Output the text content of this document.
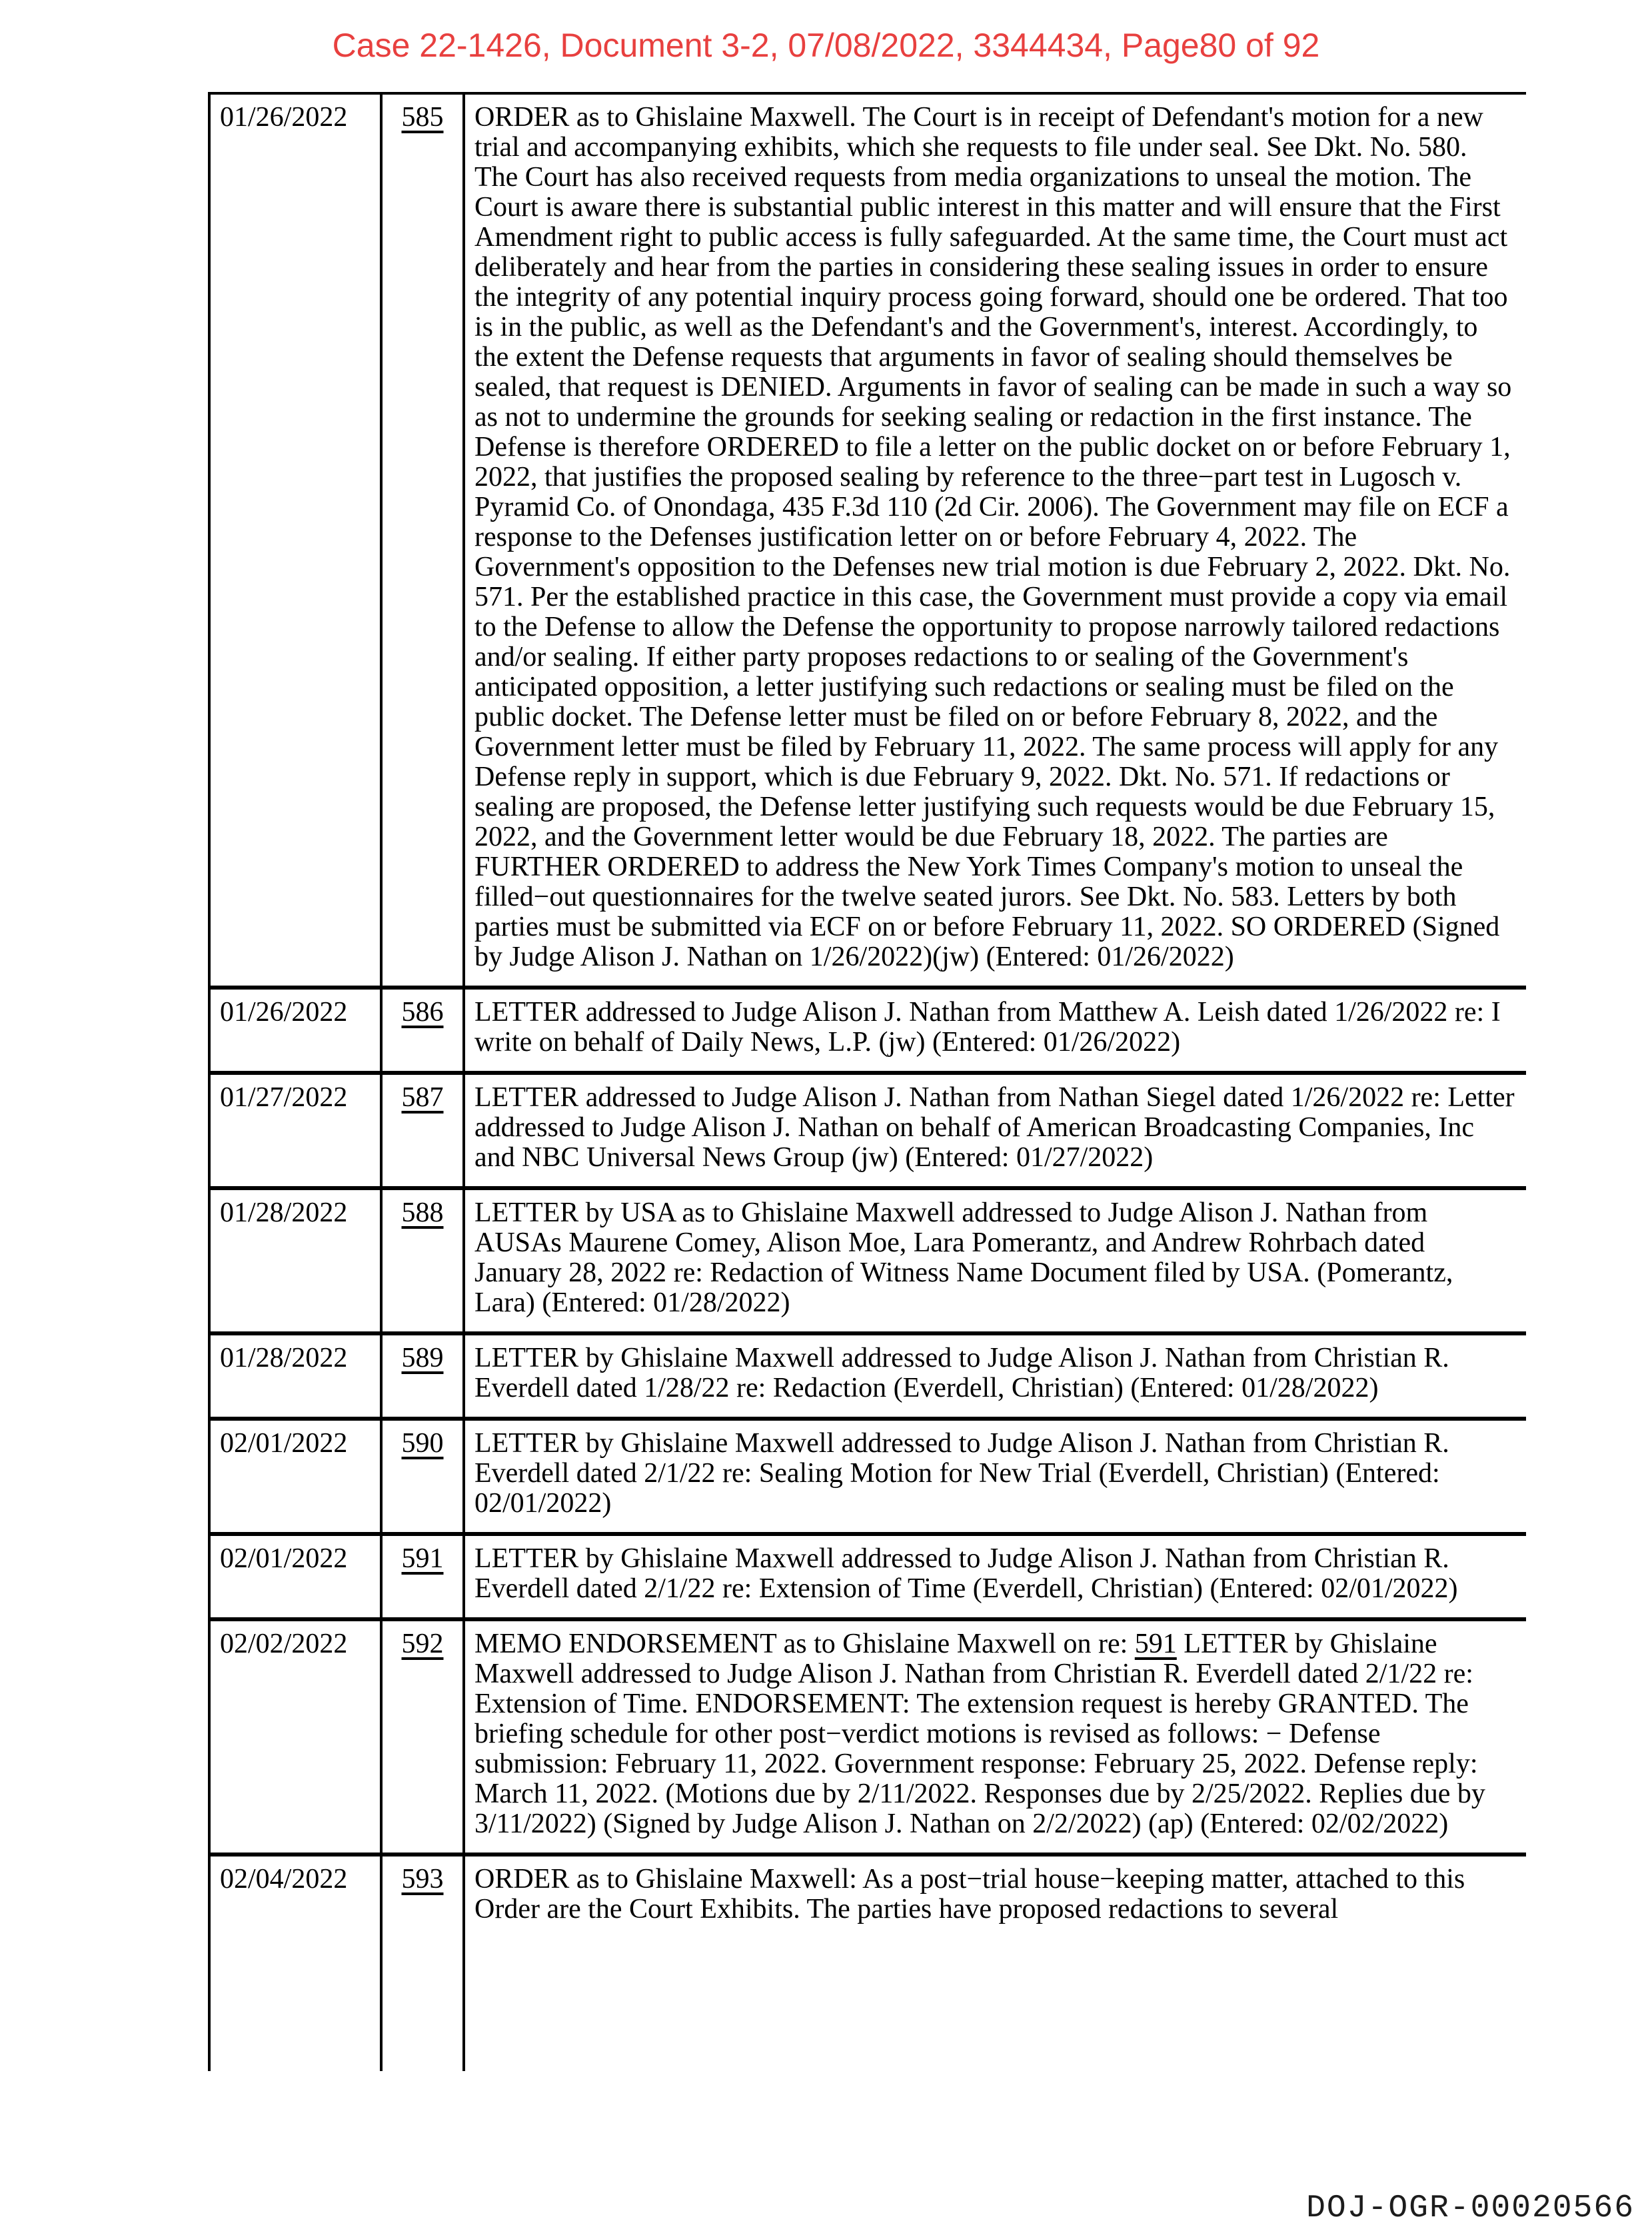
Case 22-1426, Document 3-2, 07/08/2022, 3344434, Page80 of 92
01/26/2022	585	ORDER as to Ghislaine Maxwell. The Court is in receipt of Defendant's motion for a new trial and accompanying exhibits, which she requests to file under seal. See Dkt. No. 580. The Court has also received requests from media organizations to unseal the motion. The Court is aware there is substantial public interest in this matter and will ensure that the First Amendment right to public access is fully safeguarded. At the same time, the Court must act deliberately and hear from the parties in considering these sealing issues in order to ensure the integrity of any potential inquiry process going forward, should one be ordered. That too is in the public, as well as the Defendant's and the Government's, interest. Accordingly, to the extent the Defense requests that arguments in favor of sealing should themselves be sealed, that request is DENIED. Arguments in favor of sealing can be made in such a way so as not to undermine the grounds for seeking sealing or redaction in the first instance. The Defense is therefore ORDERED to file a letter on the public docket on or before February 1, 2022, that justifies the proposed sealing by reference to the three−part test in Lugosch v. Pyramid Co. of Onondaga, 435 F.3d 110 (2d Cir. 2006). The Government may file on ECF a response to the Defenses justification letter on or before February 4, 2022. The Government's opposition to the Defenses new trial motion is due February 2, 2022. Dkt. No. 571. Per the established practice in this case, the Government must provide a copy via email to the Defense to allow the Defense the opportunity to propose narrowly tailored redactions and/or sealing. If either party proposes redactions to or sealing of the Government's anticipated opposition, a letter justifying such redactions or sealing must be filed on the public docket. The Defense letter must be filed on or before February 8, 2022, and the Government letter must be filed by February 11, 2022. The same process will apply for any Defense reply in support, which is due February 9, 2022. Dkt. No. 571. If redactions or sealing are proposed, the Defense letter justifying such requests would be due February 15, 2022, and the Government letter would be due February 18, 2022. The parties are FURTHER ORDERED to address the New York Times Company's motion to unseal the filled−out questionnaires for the twelve seated jurors. See Dkt. No. 583. Letters by both parties must be submitted via ECF on or before February 11, 2022. SO ORDERED (Signed by Judge Alison J. Nathan on 1/26/2022)(jw) (Entered: 01/26/2022)
01/26/2022	586	LETTER addressed to Judge Alison J. Nathan from Matthew A. Leish dated 1/26/2022 re: I write on behalf of Daily News, L.P. (jw) (Entered: 01/26/2022)
01/27/2022	587	LETTER addressed to Judge Alison J. Nathan from Nathan Siegel dated 1/26/2022 re: Letter addressed to Judge Alison J. Nathan on behalf of American Broadcasting Companies, Inc and NBC Universal News Group (jw) (Entered: 01/27/2022)
01/28/2022	588	LETTER by USA as to Ghislaine Maxwell addressed to Judge Alison J. Nathan from AUSAs Maurene Comey, Alison Moe, Lara Pomerantz, and Andrew Rohrbach dated January 28, 2022 re: Redaction of Witness Name Document filed by USA. (Pomerantz, Lara) (Entered: 01/28/2022)
01/28/2022	589	LETTER by Ghislaine Maxwell addressed to Judge Alison J. Nathan from Christian R. Everdell dated 1/28/22 re: Redaction (Everdell, Christian) (Entered: 01/28/2022)
02/01/2022	590	LETTER by Ghislaine Maxwell addressed to Judge Alison J. Nathan from Christian R. Everdell dated 2/1/22 re: Sealing Motion for New Trial (Everdell, Christian) (Entered: 02/01/2022)
02/01/2022	591	LETTER by Ghislaine Maxwell addressed to Judge Alison J. Nathan from Christian R. Everdell dated 2/1/22 re: Extension of Time (Everdell, Christian) (Entered: 02/01/2022)
02/02/2022	592	MEMO ENDORSEMENT as to Ghislaine Maxwell on re: 591 LETTER by Ghislaine Maxwell addressed to Judge Alison J. Nathan from Christian R. Everdell dated 2/1/22 re: Extension of Time. ENDORSEMENT: The extension request is hereby GRANTED. The briefing schedule for other post−verdict motions is revised as follows: − Defense submission: February 11, 2022. Government response: February 25, 2022. Defense reply: March 11, 2022. (Motions due by 2/11/2022. Responses due by 2/25/2022. Replies due by 3/11/2022) (Signed by Judge Alison J. Nathan on 2/2/2022) (ap) (Entered: 02/02/2022)
02/04/2022	593	ORDER as to Ghislaine Maxwell: As a post−trial house−keeping matter, attached to this Order are the Court Exhibits. The parties have proposed redactions to several
DOJ-OGR-00020566
